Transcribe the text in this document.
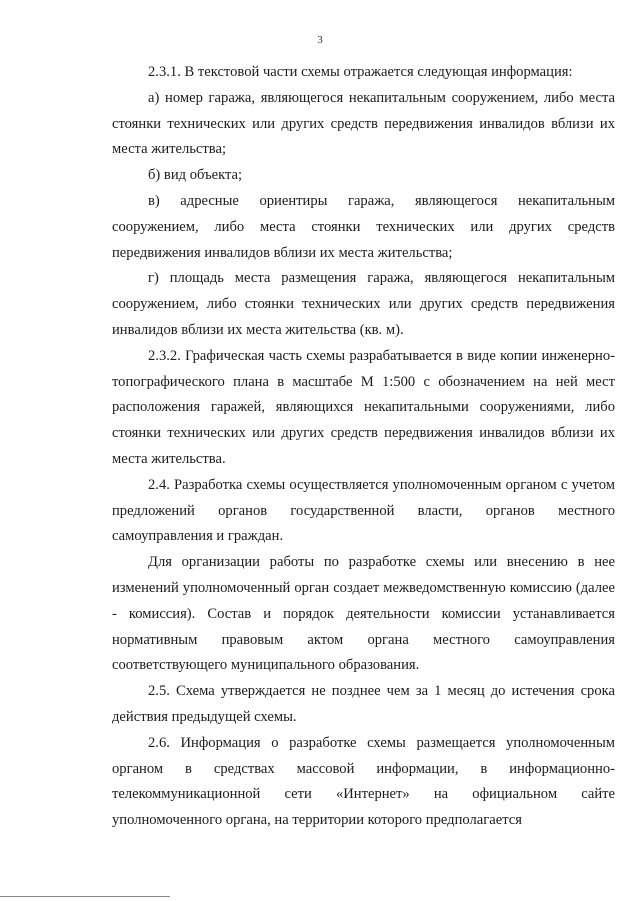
3

2.3.1. В текстовой части схемы отражается следующая информация:

а) номер гаража, являющегося некапитальным сооружением, либо места стоянки технических или других средств передвижения инвалидов вблизи их места жительства;

б) вид объекта;

в) адресные ориентиры гаража, являющегося некапитальным сооружением, либо места стоянки технических или других средств передвижения инвалидов вблизи их места жительства;

г) площадь места размещения гаража, являющегося некапитальным сооружением, либо стоянки технических или других средств передвижения инвалидов вблизи их места жительства (кв. м).

2.3.2. Графическая часть схемы разрабатывается в виде копии инженерно-топографического плана в масштабе М 1:500 с обозначением на ней мест расположения гаражей, являющихся некапитальными сооружениями, либо стоянки технических или других средств передвижения инвалидов вблизи их места жительства.

2.4. Разработка схемы осуществляется уполномоченным органом с учетом предложений органов государственной власти, органов местного самоуправления и граждан.

Для организации работы по разработке схемы или внесению в нее изменений уполномоченный орган создает межведомственную комиссию (далее - комиссия). Состав и порядок деятельности комиссии устанавливается нормативным правовым актом органа местного самоуправления соответствующего муниципального образования.

2.5. Схема утверждается не позднее чем за 1 месяц до истечения срока действия предыдущей схемы.

2.6. Информация о разработке схемы размещается уполномоченным органом в средствах массовой информации, в информационно-телекоммуникационной сети «Интернет» на официальном сайте уполномоченного органа, на территории которого предполагается
